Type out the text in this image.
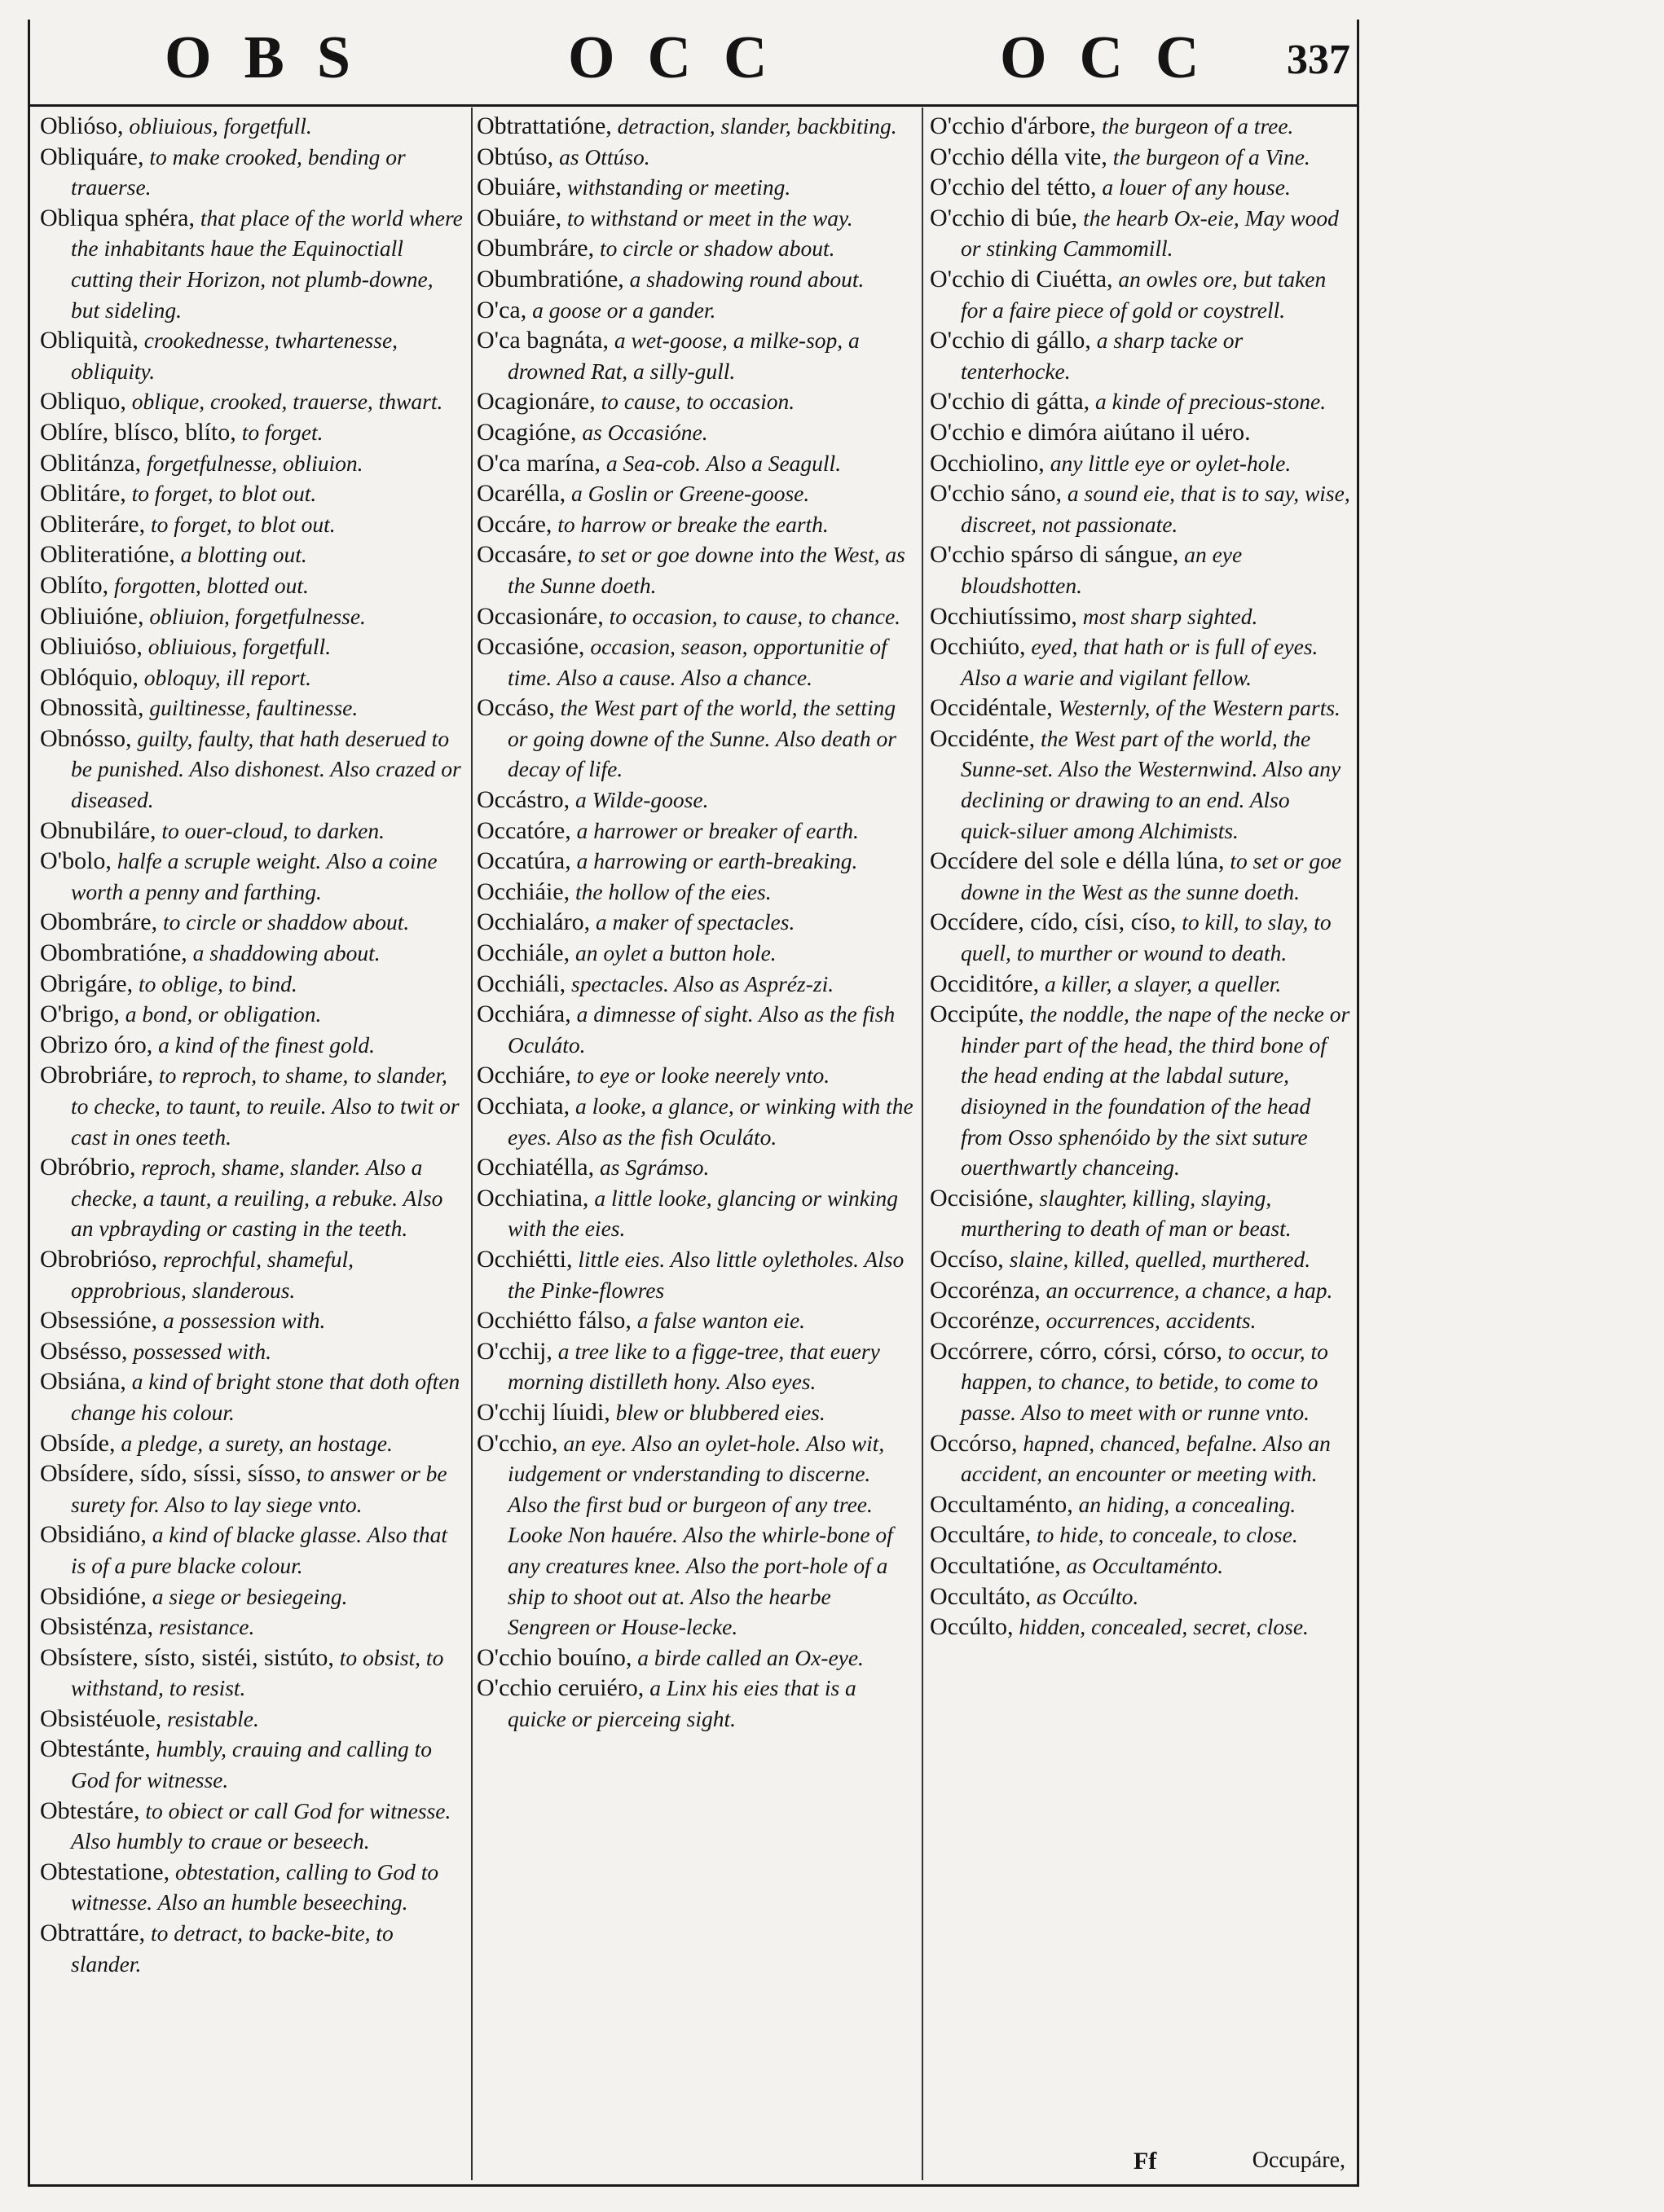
OBS	OCC	OCC 337

Oblióso, obliuious, forgetfull.

Obliquáre, to make crooked, bending or trauerse.

Obliqua sphéra, that place of the world where the inhabitants haue the Equinoctiall cutting their Horizon, not plumb-downe, but sideling.

Obliquità, crookednesse, twhartenesse, obliquity.

Obliquo, oblique, crooked, trauerse, thwart.

Oblíre, blísco, blíto, to forget.

Oblitánza, forgetfulnesse, obliuion.

Oblitáre, to forget, to blot out.

Obliteráre, to forget, to blot out.

Obliteratióne, a blotting out.

Oblíto, forgotten, blotted out.

Obliuióne, obliuion, forgetfulnesse.

Obliuióso, obliuious, forgetfull.

Oblóquio, obloquy, ill report.

Obnossità, guiltinesse, faultinesse.

Obnósso, guilty, faulty, that hath deserued to be punished. Also dishonest. Also crazed or diseased.

Obnubiláre, to ouer-cloud, to darken.

O'bolo, halfe a scruple weight. Also a coine worth a penny and farthing.

Obombráre, to circle or shaddow about.

Obombratióne, a shaddowing about.

Obrigáre, to oblige, to bind.

O'brigo, a bond, or obligation.

Obrizo óro, a kind of the finest gold.

Obrobriáre, to reproch, to shame, to slander, to checke, to taunt, to reuile. Also to twit or cast in ones teeth.

Obróbrio, reproch, shame, slander. Also a checke, a taunt, a reuiling, a rebuke. Also an vpbrayding or casting in the teeth.

Obrobrióso, reprochful, shameful, opprobrious, slanderous.

Obsessióne, a possession with.

Obsésso, possessed with.

Obsiána, a kind of bright stone that doth often change his colour.

Obsíde, a pledge, a surety, an hostage.

Obsídere, sído, síssi, sísso, to answer or be surety for. Also to lay siege vnto.

Obsidiáno, a kind of blacke glasse. Also that is of a pure blacke colour.

Obsidióne, a siege or besiegeing.

Obsisténza, resistance.

Obsístere, sísto, sistéi, sistúto, to obsist, to withstand, to resist.

Obsistéuole, resistable.

Obtestánte, humbly, crauing and calling to God for witnesse.

Obtestáre, to obiect or call God for witnesse. Also humbly to craue or beseech.

Obtestatione, obtestation, calling to God to witnesse. Also an humble beseeching.

Obtrattáre, to detract, to backe-bite, to slander.

Obtrattatióne, detraction, slander, backbiting.

Obtúso, as Ottúso.

Obuiáre, withstanding or meeting.

Obuiáre, to withstand or meet in the way.

Obumbráre, to circle or shadow about.

Obumbratióne, a shadowing round about.

O'ca, a goose or a gander.

O'ca bagnáta, a wet-goose, a milke-sop, a drowned Rat, a silly-gull.

Ocagionáre, to cause, to occasion.

Ocagióne, as Occasióne.

O'ca marína, a Sea-cob. Also a Seagull.

Ocarélla, a Goslin or Greene-goose.

Occáre, to harrow or breake the earth.

Occasáre, to set or goe downe into the West, as the Sunne doeth.

Occasionáre, to occasion, to cause, to chance.

Occasióne, occasion, season, opportunitie of time. Also a cause. Also a chance.

Occáso, the West part of the world, the setting or going downe of the Sunne. Also death or decay of life.

Occástro, a Wilde-goose.

Occatóre, a harrower or breaker of earth.

Occatúra, a harrowing or earth-breaking.

Occhiáie, the hollow of the eies.

Occhialáro, a maker of spectacles.

Occhiále, an oylet a button hole.

Occhiáli, spectacles. Also as Aspréz-zi.

Occhiára, a dimnesse of sight. Also as the fish Oculáto.

Occhiáre, to eye or looke neerely vnto.

Occhiata, a looke, a glance, or winking with the eyes. Also as the fish Oculáto.

Occhiatélla, as Sgrámso.

Occhiatina, a little looke, glancing or winking with the eies.

Occhiétti, little eies. Also little oyletholes. Also the Pinke-flowres

Occhiétto fálso, a false wanton eie.

O'cchij, a tree like to a figge-tree, that euery morning distilleth hony. Also eyes.

O'cchij líuidi, blew or blubbered eies.

O'cchio, an eye. Also an oylet-hole. Also wit, iudgement or vnderstanding to discerne. Also the first bud or burgeon of any tree. Looke Non hauére. Also the whirle-bone of any creatures knee. Also the port-hole of a ship to shoot out at. Also the hearbe Sengreen or House-lecke.

O'cchio bouíno, a birde called an Ox-eye.

O'cchio ceruiéro, a Linx his eies that is a quicke or pierceing sight.

O'cchio d'árbore, the burgeon of a tree.

O'cchio délla vite, the burgeon of a Vine.

O'cchio del tétto, a louer of any house.

O'cchio di búe, the hearb Ox-eie, May wood or stinking Cammomill.

O'cchio di Ciuétta, an owles ore, but taken for a faire piece of gold or coystrell.

O'cchio di gállo, a sharp tacke or tenterhocke.

O'cchio di gátta, a kinde of precious-stone.

O'cchio e dimóra aiútano il uéro.

Occhiolino, any little eye or oylet-hole.

O'cchio sáno, a sound eie, that is to say, wise, discreet, not passionate.

O'cchio spárso di sángue, an eye bloudshotten.

Occhiutíssimo, most sharp sighted.

Occhiúto, eyed, that hath or is full of eyes. Also a warie and vigilant fellow.

Occidéntale, Westernly, of the Western parts.

Occidénte, the West part of the world, the Sunne-set. Also the Westernwind. Also any declining or drawing to an end. Also quick-siluer among Alchimists.

Occídere del sole e délla lúna, to set or goe downe in the West as the sunne doeth.

Occídere, cído, císi, císo, to kill, to slay, to quell, to murther or wound to death.

Occiditóre, a killer, a slayer, a queller.

Occipúte, the noddle, the nape of the necke or hinder part of the head, the third bone of the head ending at the labdal suture, disioyned in the foundation of the head from Osso sphenóido by the sixt suture ouerthwartly chanceing.

Occisióne, slaughter, killing, slaying, murthering to death of man or beast.

Occíso, slaine, killed, quelled, murthered.

Occorénza, an occurrence, a chance, a hap.

Occorénze, occurrences, accidents.

Occórrere, córro, córsi, córso, to occur, to happen, to chance, to betide, to come to passe. Also to meet with or runne vnto.

Occórso, hapned, chanced, befalne. Also an accident, an encounter or meeting with.

Occultaménto, an hiding, a concealing.

Occultáre, to hide, to conceale, to close.

Occultatióne, as Occultaménto.

Occultáto, as Occúlto.

Occúlto, hidden, concealed, secret, close.

Ff	Occupáre,
